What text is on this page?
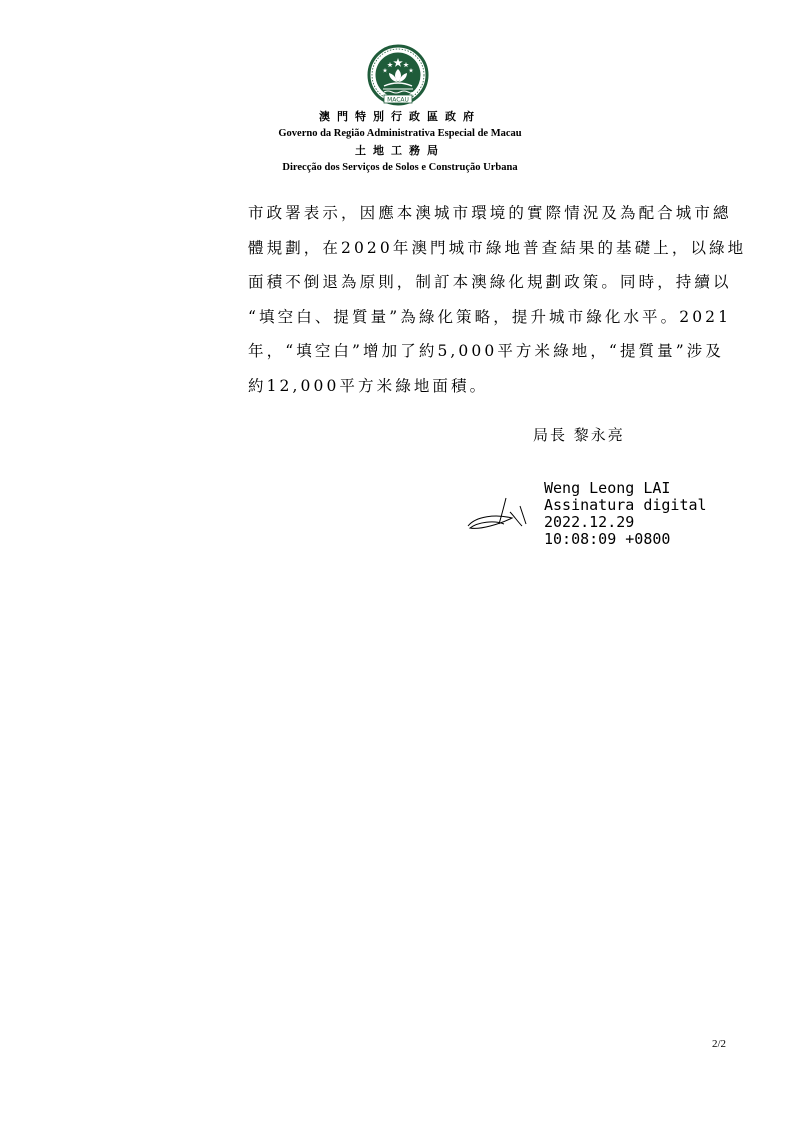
MACAU
澳門特別行政區政府
Governo da Região Administrativa Especial de Macau
土地工務局
Direcção dos Serviços de Solos e Construção Urbana
市政署表示，因應本澳城市環境的實際情況及為配合城市總
體規劃，在2020年澳門城市綠地普查結果的基礎上，以綠地
面積不倒退為原則，制訂本澳綠化規劃政策。同時，持續以
“填空白、提質量”為綠化策略，提升城市綠化水平。2021
年，“填空白”增加了約5,000平方米綠地，“提質量”涉及
約12,000平方米綠地面積。
局長 黎永亮
Weng Leong LAI
Assinatura digital
2022.12.29
10:08:09 +0800
2/2
